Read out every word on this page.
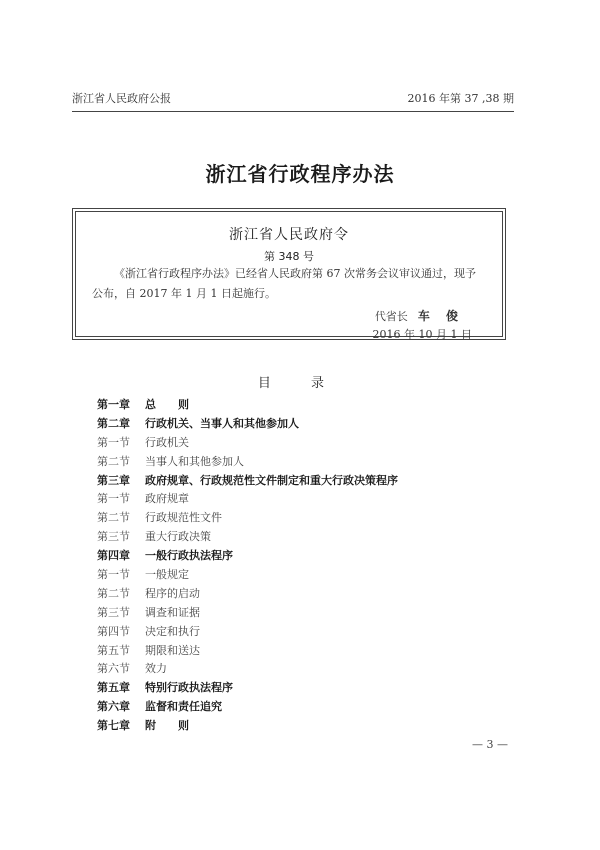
浙江省人民政府公报	2016 年第 37 ,38 期
浙江省行政程序办法
浙江省人民政府令
第 348 号
《浙江省行政程序办法》已经省人民政府第 67 次常务会议审议通过，现予公布，自 2017 年 1 月 1 日起施行。
代省长 车 俊
2016 年 10 月 1 日
目 录
第一章 总　　则
第二章 行政机关、当事人和其他参加人
第一节 行政机关
第二节 当事人和其他参加人
第三章 政府规章、行政规范性文件制定和重大行政决策程序
第一节 政府规章
第二节 行政规范性文件
第三节 重大行政决策
第四章 一般行政执法程序
第一节 一般规定
第二节 程序的启动
第三节 调查和证据
第四节 决定和执行
第五节 期限和送达
第六节 效力
第五章 特别行政执法程序
第六章 监督和责任追究
第七章 附　　则
— 3 —
